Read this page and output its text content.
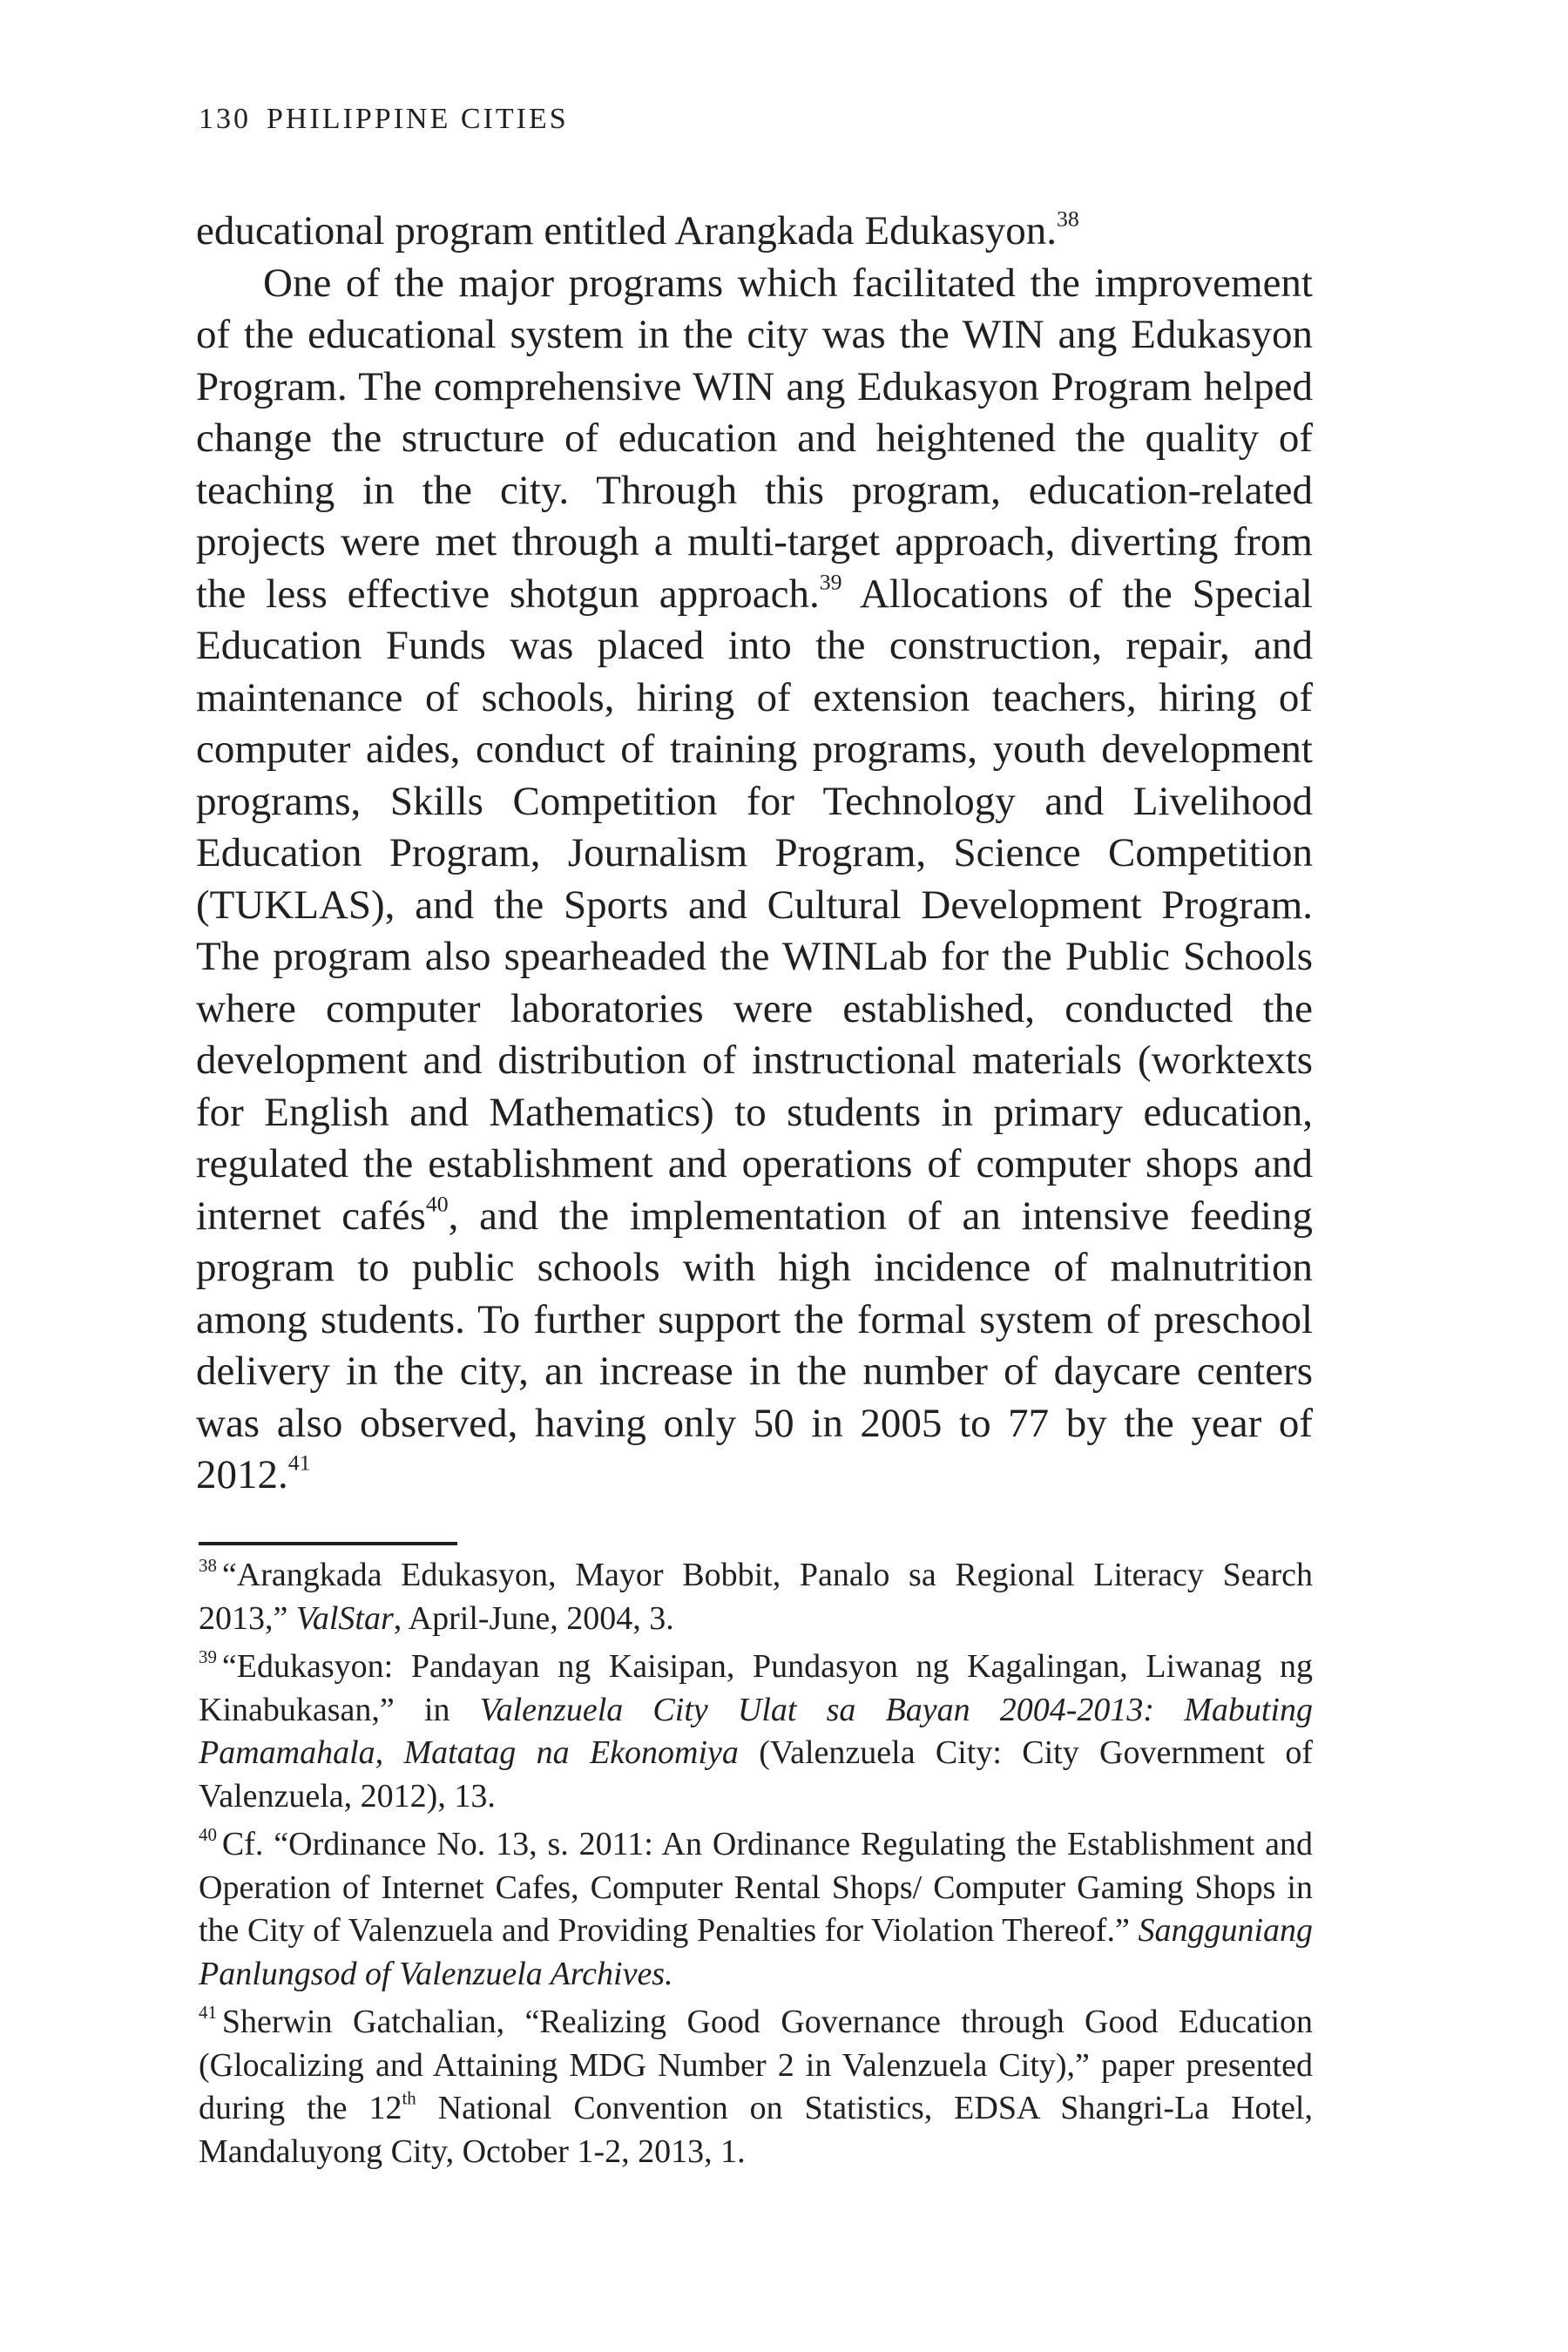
130 PHILIPPINE CITIES

educational program entitled Arangkada Edukasyon.$^{38}$

One of the major programs which facilitated the improvement of the educational system in the city was the WIN ang Edukasyon Program. The comprehensive WIN ang Edukasyon Program helped change the structure of education and heightened the quality of teaching in the city. Through this program, education-related projects were met through a multi-target approach, diverting from the less effective shotgun approach.$^{39}$ Allocations of the Special Education Funds was placed into the construction, repair, and maintenance of schools, hiring of extension teachers, hiring of computer aides, conduct of training programs, youth development programs, Skills Competition for Technology and Livelihood Education Program, Journalism Program, Science Competition (TUKLAS), and the Sports and Cultural Development Program. The program also spearheaded the WINLab for the Public Schools where computer laboratories were established, conducted the development and distribution of instructional materials (worktexts for English and Mathematics) to students in primary education, regulated the establishment and operations of computer shops and internet cafés$^{40}$, and the implementation of an intensive feeding program to public schools with high incidence of malnutrition among students. To further support the formal system of preschool delivery in the city, an increase in the number of daycare centers was also observed, having only 50 in 2005 to 77 by the year of 2012.41

$^{38}$ “Arangkada Edukasyon, Mayor Bobbit, Panalo sa Regional Literacy Search 2013,” ValStar, April-June, 2004, 3.

$^{39}$ “Edukasyon: Pandayan ng Kaisipan, Pundasyon ng Kagalingan, Liwanag ng Kinabukasan,” in Valenzuela City Ulat sa Bayan 2004-2013: Mabuting Pamamahala, Matatag na Ekonomiya (Valenzuela City: City Government of Valenzuela, 2012), 13.

$^{40}$ Cf. “Ordinance No. 13, s. 2011: An Ordinance Regulating the Establishment and Operation of Internet Cafes, Computer Rental Shops/ Computer Gaming Shops in the City of Valenzuela and Providing Penalties for Violation Thereof.” Sangguniang Panlungsod of Valenzuela Archives.

$^{41}$ Sherwin Gatchalian, “Realizing Good Governance through Good Education (Glocalizing and Attaining MDG Number 2 in Valenzuela City),” paper presented during the 12th National Convention on Statistics, EDSA Shangri-La Hotel, Mandaluyong City, October 1-2, 2013, 1.
